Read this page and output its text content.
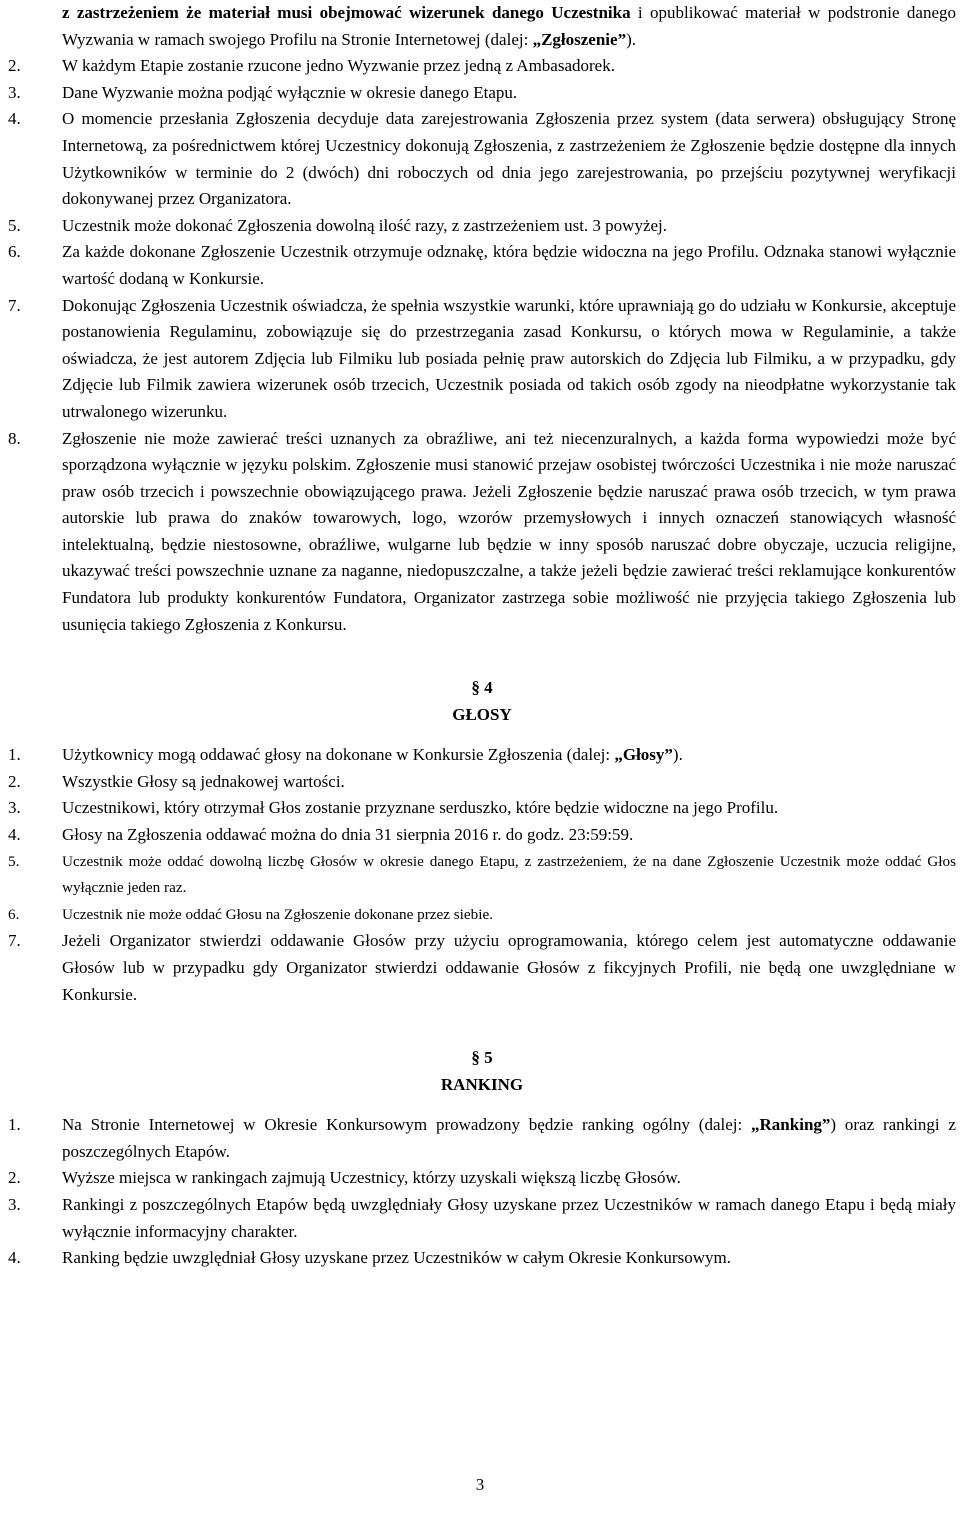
z zastrzeżeniem że materiał musi obejmować wizerunek danego Uczestnika i opublikować materiał w podstronie danego Wyzwania w ramach swojego Profilu na Stronie Internetowej (dalej: „Zgłoszenie”).

2.	W każdym Etapie zostanie rzucone jedno Wyzwanie przez jedną z Ambasadorek.
3.	Dane Wyzwanie można podjąć wyłącznie w okresie danego Etapu.
4.	O momencie przesłania Zgłoszenia decyduje data zarejestrowania Zgłoszenia przez system (data serwera) obsługujący Stronę Internetową, za pośrednictwem której Uczestnicy dokonują Zgłoszenia, z zastrzeżeniem że Zgłoszenie będzie dostępne dla innych Użytkowników w terminie do 2 (dwóch) dni roboczych od dnia jego zarejestrowania, po przejściu pozytywnej weryfikacji dokonywanej przez Organizatora.
5.	Uczestnik może dokonać Zgłoszenia dowolną ilość razy, z zastrzeżeniem ust. 3 powyżej.
6.	Za każde dokonane Zgłoszenie Uczestnik otrzymuje odznakę, która będzie widoczna na jego Profilu. Odznaka stanowi wyłącznie wartość dodaną w Konkursie.
7.	Dokonując Zgłoszenia Uczestnik oświadcza, że spełnia wszystkie warunki, które uprawniają go do udziału w Konkursie, akceptuje postanowienia Regulaminu, zobowiązuje się do przestrzegania zasad Konkursu, o których mowa w Regulaminie, a także oświadcza, że jest autorem Zdjęcia lub Filmiku lub posiada pełnię praw autorskich do Zdjęcia lub Filmiku, a w przypadku, gdy Zdjęcie lub Filmik zawiera wizerunek osób trzecich, Uczestnik posiada od takich osób zgody na nieodpłatne wykorzystanie tak utrwalonego wizerunku.
8.	Zgłoszenie nie może zawierać treści uznanych za obraźliwe, ani też niecenzuralnych, a każda forma wypowiedzi może być sporządzona wyłącznie w języku polskim. Zgłoszenie musi stanowić przejaw osobistej twórczości Uczestnika i nie może naruszać praw osób trzecich i powszechnie obowiązującego prawa. Jeżeli Zgłoszenie będzie naruszać prawa osób trzecich, w tym prawa autorskie lub prawa do znaków towarowych, logo, wzorów przemysłowych i innych oznaczeń stanowiących własność intelektualną, będzie niestosowne, obraźliwe, wulgarne lub będzie w inny sposób naruszać dobre obyczaje, uczucia religijne, ukazywać treści powszechnie uznane za naganne, niedopuszczalne, a także jeżeli będzie zawierać treści reklamujące konkurentów Fundatora lub produkty konkurentów Fundatora, Organizator zastrzega sobie możliwość nie przyjęcia takiego Zgłoszenia lub usunięcia takiego Zgłoszenia z Konkursu.

§ 4

GŁOSY

1.	Użytkownicy mogą oddawać głosy na dokonane w Konkursie Zgłoszenia (dalej: „Głosy”).
2.	Wszystkie Głosy są jednakowej wartości.
3.	Uczestnikowi, który otrzymał Głos zostanie przyznane serduszko, które będzie widoczne na jego Profilu.
4.	Głosy na Zgłoszenia oddawać można do dnia 31 sierpnia 2016 r. do godz. 23:59:59.
5.	Uczestnik może oddać dowolną liczbę Głosów w okresie danego Etapu, z zastrzeżeniem, że na dane Zgłoszenie Uczestnik może oddać Głos wyłącznie jeden raz.
6.	Uczestnik nie może oddać Głosu na Zgłoszenie dokonane przez siebie.
7.	Jeżeli Organizator stwierdzi oddawanie Głosów przy użyciu oprogramowania, którego celem jest automatyczne oddawanie Głosów lub w przypadku gdy Organizator stwierdzi oddawanie Głosów z fikcyjnych Profili, nie będą one uwzględniane w Konkursie.

§ 5

RANKING

1.	Na Stronie Internetowej w Okresie Konkursowym prowadzony będzie ranking ogólny (dalej: „Ranking”) oraz rankingi z poszczególnych Etapów.
2.	Wyższe miejsca w rankingach zajmują Uczestnicy, którzy uzyskali większą liczbę Głosów.
3.	Rankingi z poszczególnych Etapów będą uwzględniały Głosy uzyskane przez Uczestników w ramach danego Etapu i będą miały wyłącznie informacyjny charakter.
4.	Ranking będzie uwzględniał Głosy uzyskane przez Uczestników w całym Okresie Konkursowym.
3
